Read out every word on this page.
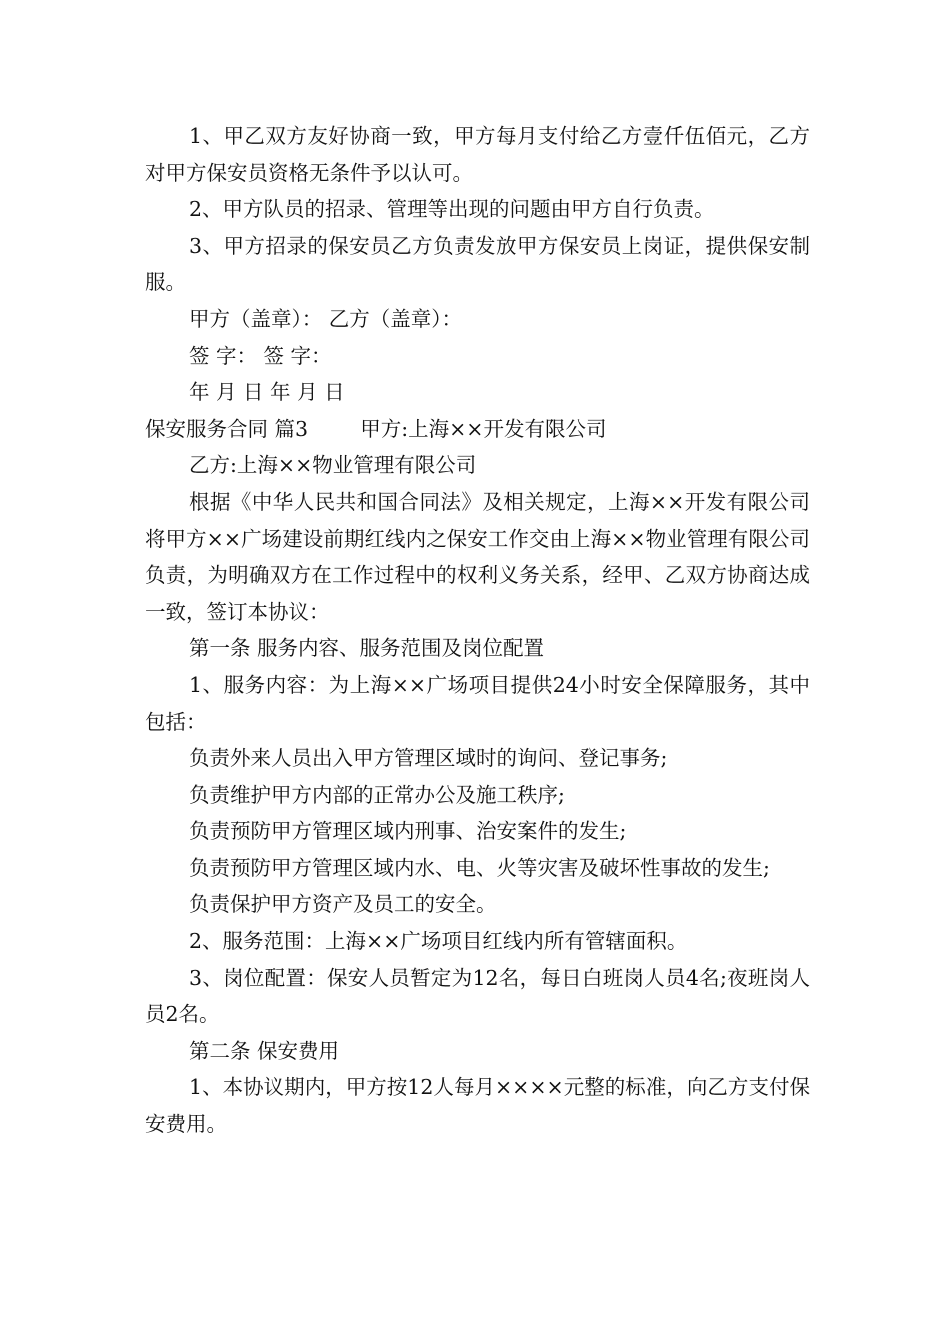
1、甲乙双方友好协商一致，甲方每月支付给乙方壹仟伍佰元，乙方对甲方保安员资格无条件予以认可。

2、甲方队员的招录、管理等出现的问题由甲方自行负责。

3、甲方招录的保安员乙方负责发放甲方保安员上岗证，提供保安制服。

甲方（盖章）： 乙方（盖章）：

签 字： 签 字：

年 月 日 年 月 日

保安服务合同 篇3	甲方:上海××开发有限公司

乙方:上海××物业管理有限公司

根据《中华人民共和国合同法》及相关规定，上海××开发有限公司将甲方××广场建设前期红线内之保安工作交由上海××物业管理有限公司负责，为明确双方在工作过程中的权利义务关系，经甲、乙双方协商达成一致，签订本协议：

第一条 服务内容、服务范围及岗位配置

1、服务内容：为上海××广场项目提供24小时安全保障服务，其中包括：

负责外来人员出入甲方管理区域时的询问、登记事务;

负责维护甲方内部的正常办公及施工秩序;

负责预防甲方管理区域内刑事、治安案件的发生;

负责预防甲方管理区域内水、电、火等灾害及破坏性事故的发生;

负责保护甲方资产及员工的安全。

2、服务范围：上海××广场项目红线内所有管辖面积。

3、岗位配置：保安人员暂定为12名，每日白班岗人员4名;夜班岗人员2名。

第二条 保安费用

1、本协议期内，甲方按12人每月××××元整的标准，向乙方支付保安费用。
